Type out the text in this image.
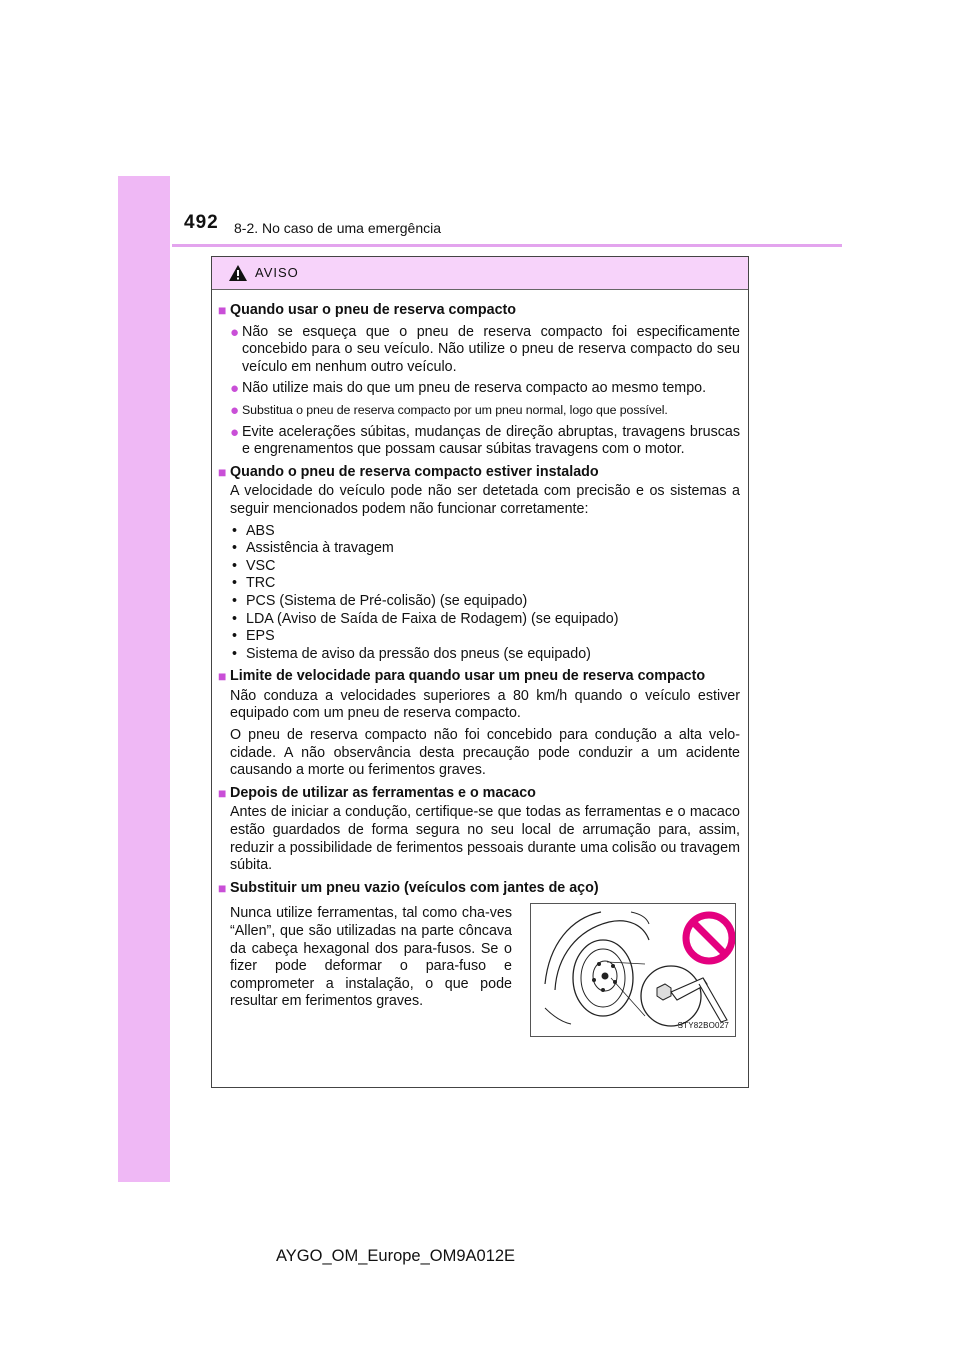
492 8-2. No caso de uma emergência
AVISO
■ Quando usar o pneu de reserva compacto
● Não se esqueça que o pneu de reserva compacto foi especificamente concebido para o seu veículo. Não utilize o pneu de reserva compacto do seu veículo em nenhum outro veículo.
● Não utilize mais do que um pneu de reserva compacto ao mesmo tempo.
● Substitua o pneu de reserva compacto por um pneu normal, logo que possível.
● Evite acelerações súbitas, mudanças de direção abruptas, travagens bruscas e engrenamentos que possam causar súbitas travagens com o motor.
■ Quando o pneu de reserva compacto estiver instalado
A velocidade do veículo pode não ser detetada com precisão e os sistemas a seguir mencionados podem não funcionar corretamente:
• ABS
• Assistência à travagem
• VSC
• TRC
• PCS (Sistema de Pré-colisão) (se equipado)
• LDA (Aviso de Saída de Faixa de Rodagem) (se equipado)
• EPS
• Sistema de aviso da pressão dos pneus (se equipado)
■ Limite de velocidade para quando usar um pneu de reserva compacto
Não conduza a velocidades superiores a 80 km/h quando o veículo estiver equipado com um pneu de reserva compacto.
O pneu de reserva compacto não foi concebido para condução a alta velo-cidade. A não observância desta precaução pode conduzir a um acidente causando a morte ou ferimentos graves.
■ Depois de utilizar as ferramentas e o macaco
Antes de iniciar a condução, certifique-se que todas as ferramentas e o macaco estão guardados de forma segura no seu local de arrumação para, assim, reduzir a possibilidade de ferimentos pessoais durante uma colisão ou travagem súbita.
■ Substituir um pneu vazio (veículos com jantes de aço)
Nunca utilize ferramentas, tal como cha-ves “Allen”, que são utilizadas na parte côncava da cabeça hexagonal dos para-fusos. Se o fizer pode deformar o para-fuso e comprometer a instalação, o que pode resultar em ferimentos graves.
STY82BO027
AYGO_OM_Europe_OM9A012E
